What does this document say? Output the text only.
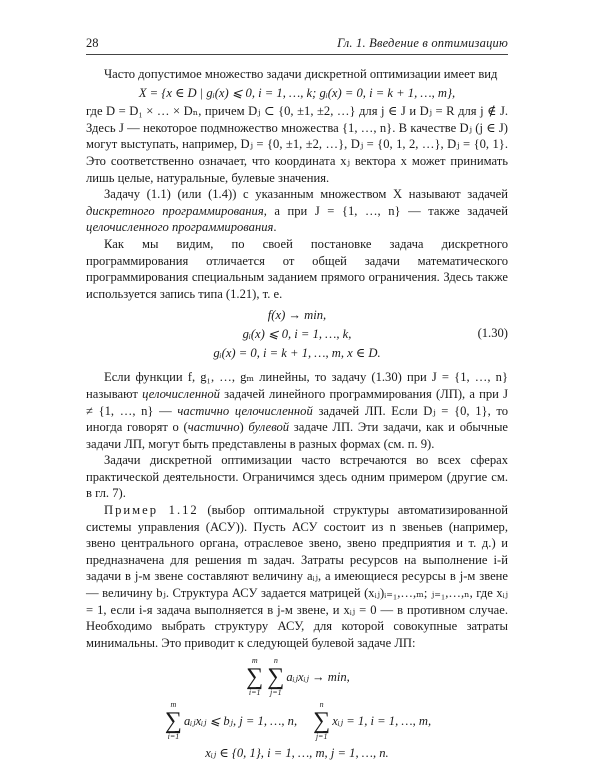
28	Гл. 1. Введение в оптимизацию

Часто допустимое множество задачи дискретной оптимизации имеет вид

X = {x ∈ D | gᵢ(x) ⩽ 0, i = 1, …, k; gᵢ(x) = 0, i = k + 1, …, m},

где D = D₁ × … × Dₙ, причем Dⱼ ⊂ {0, ±1, ±2, …} для j ∈ J и Dⱼ = R для j ∉ J. Здесь J — некоторое подмножество множества {1, …, n}. В качестве Dⱼ (j ∈ J) могут выступать, например, Dⱼ = {0, ±1, ±2, …}, Dⱼ = {0, 1, 2, …}, Dⱼ = {0, 1}. Это соответственно означает, что координата xⱼ вектора x может принимать лишь целые, натуральные, булевые значения.

Задачу (1.1) (или (1.4)) с указанным множеством X называют задачей дискретного программирования, а при J = {1, …, n} — также задачей целочисленного программирования.

Как мы видим, по своей постановке задача дискретного программирования отличается от общей задачи математического программирования специальным заданием прямого ограничения. Здесь также используется запись типа (1.21), т. е.

f(x) → min,
gᵢ(x) ⩽ 0, i = 1, …, k,
gᵢ(x) = 0, i = k + 1, …, m, x ∈ D.
(1.30)

Если функции f, g₁, …, gₘ линейны, то задачу (1.30) при J = {1, …, n} называют целочисленной задачей линейного программирования (ЛП), а при J ≠ {1, …, n} — частично целочисленной задачей ЛП. Если Dⱼ = {0, 1}, то иногда говорят о (частично) булевой задаче ЛП. Эти задачи, как и обычные задачи ЛП, могут быть представлены в разных формах (см. п. 9).

Задачи дискретной оптимизации часто встречаются во всех сферах практической деятельности. Ограничимся здесь одним примером (другие см. в гл. 7).

Пример 1.12 (выбор оптимальной структуры автоматизированной системы управления (АСУ)). Пусть АСУ состоит из n звеньев (например, звено центрального органа, отраслевое звено, звено предприятия и т. д.) и предназначена для решения m задач. Затраты ресурсов на выполнение i-й задачи в j-м звене составляют величину aᵢⱼ, а имеющиеся ресурсы в j-м звене — величину bⱼ. Структура АСУ задается матрицей (xᵢⱼ)ᵢ₌₁,…,ₘ; ⱼ₌₁,…,ₙ, где xᵢⱼ = 1, если i-я задача выполняется в j-м звене, и xᵢⱼ = 0 — в противном случае. Необходимо выбрать структуру АСУ, для которой совокупные затраты минимальны. Это приводит к следующей булевой задаче ЛП:

m
∑
i=1
n
∑
j=1
aᵢⱼxᵢⱼ → min,
m
∑
i=1
aᵢⱼxᵢⱼ ⩽ bⱼ, j = 1, …, n,
n
∑
j=1
xᵢⱼ = 1, i = 1, …, m,
xᵢⱼ ∈ {0, 1}, i = 1, …, m, j = 1, …, n.
